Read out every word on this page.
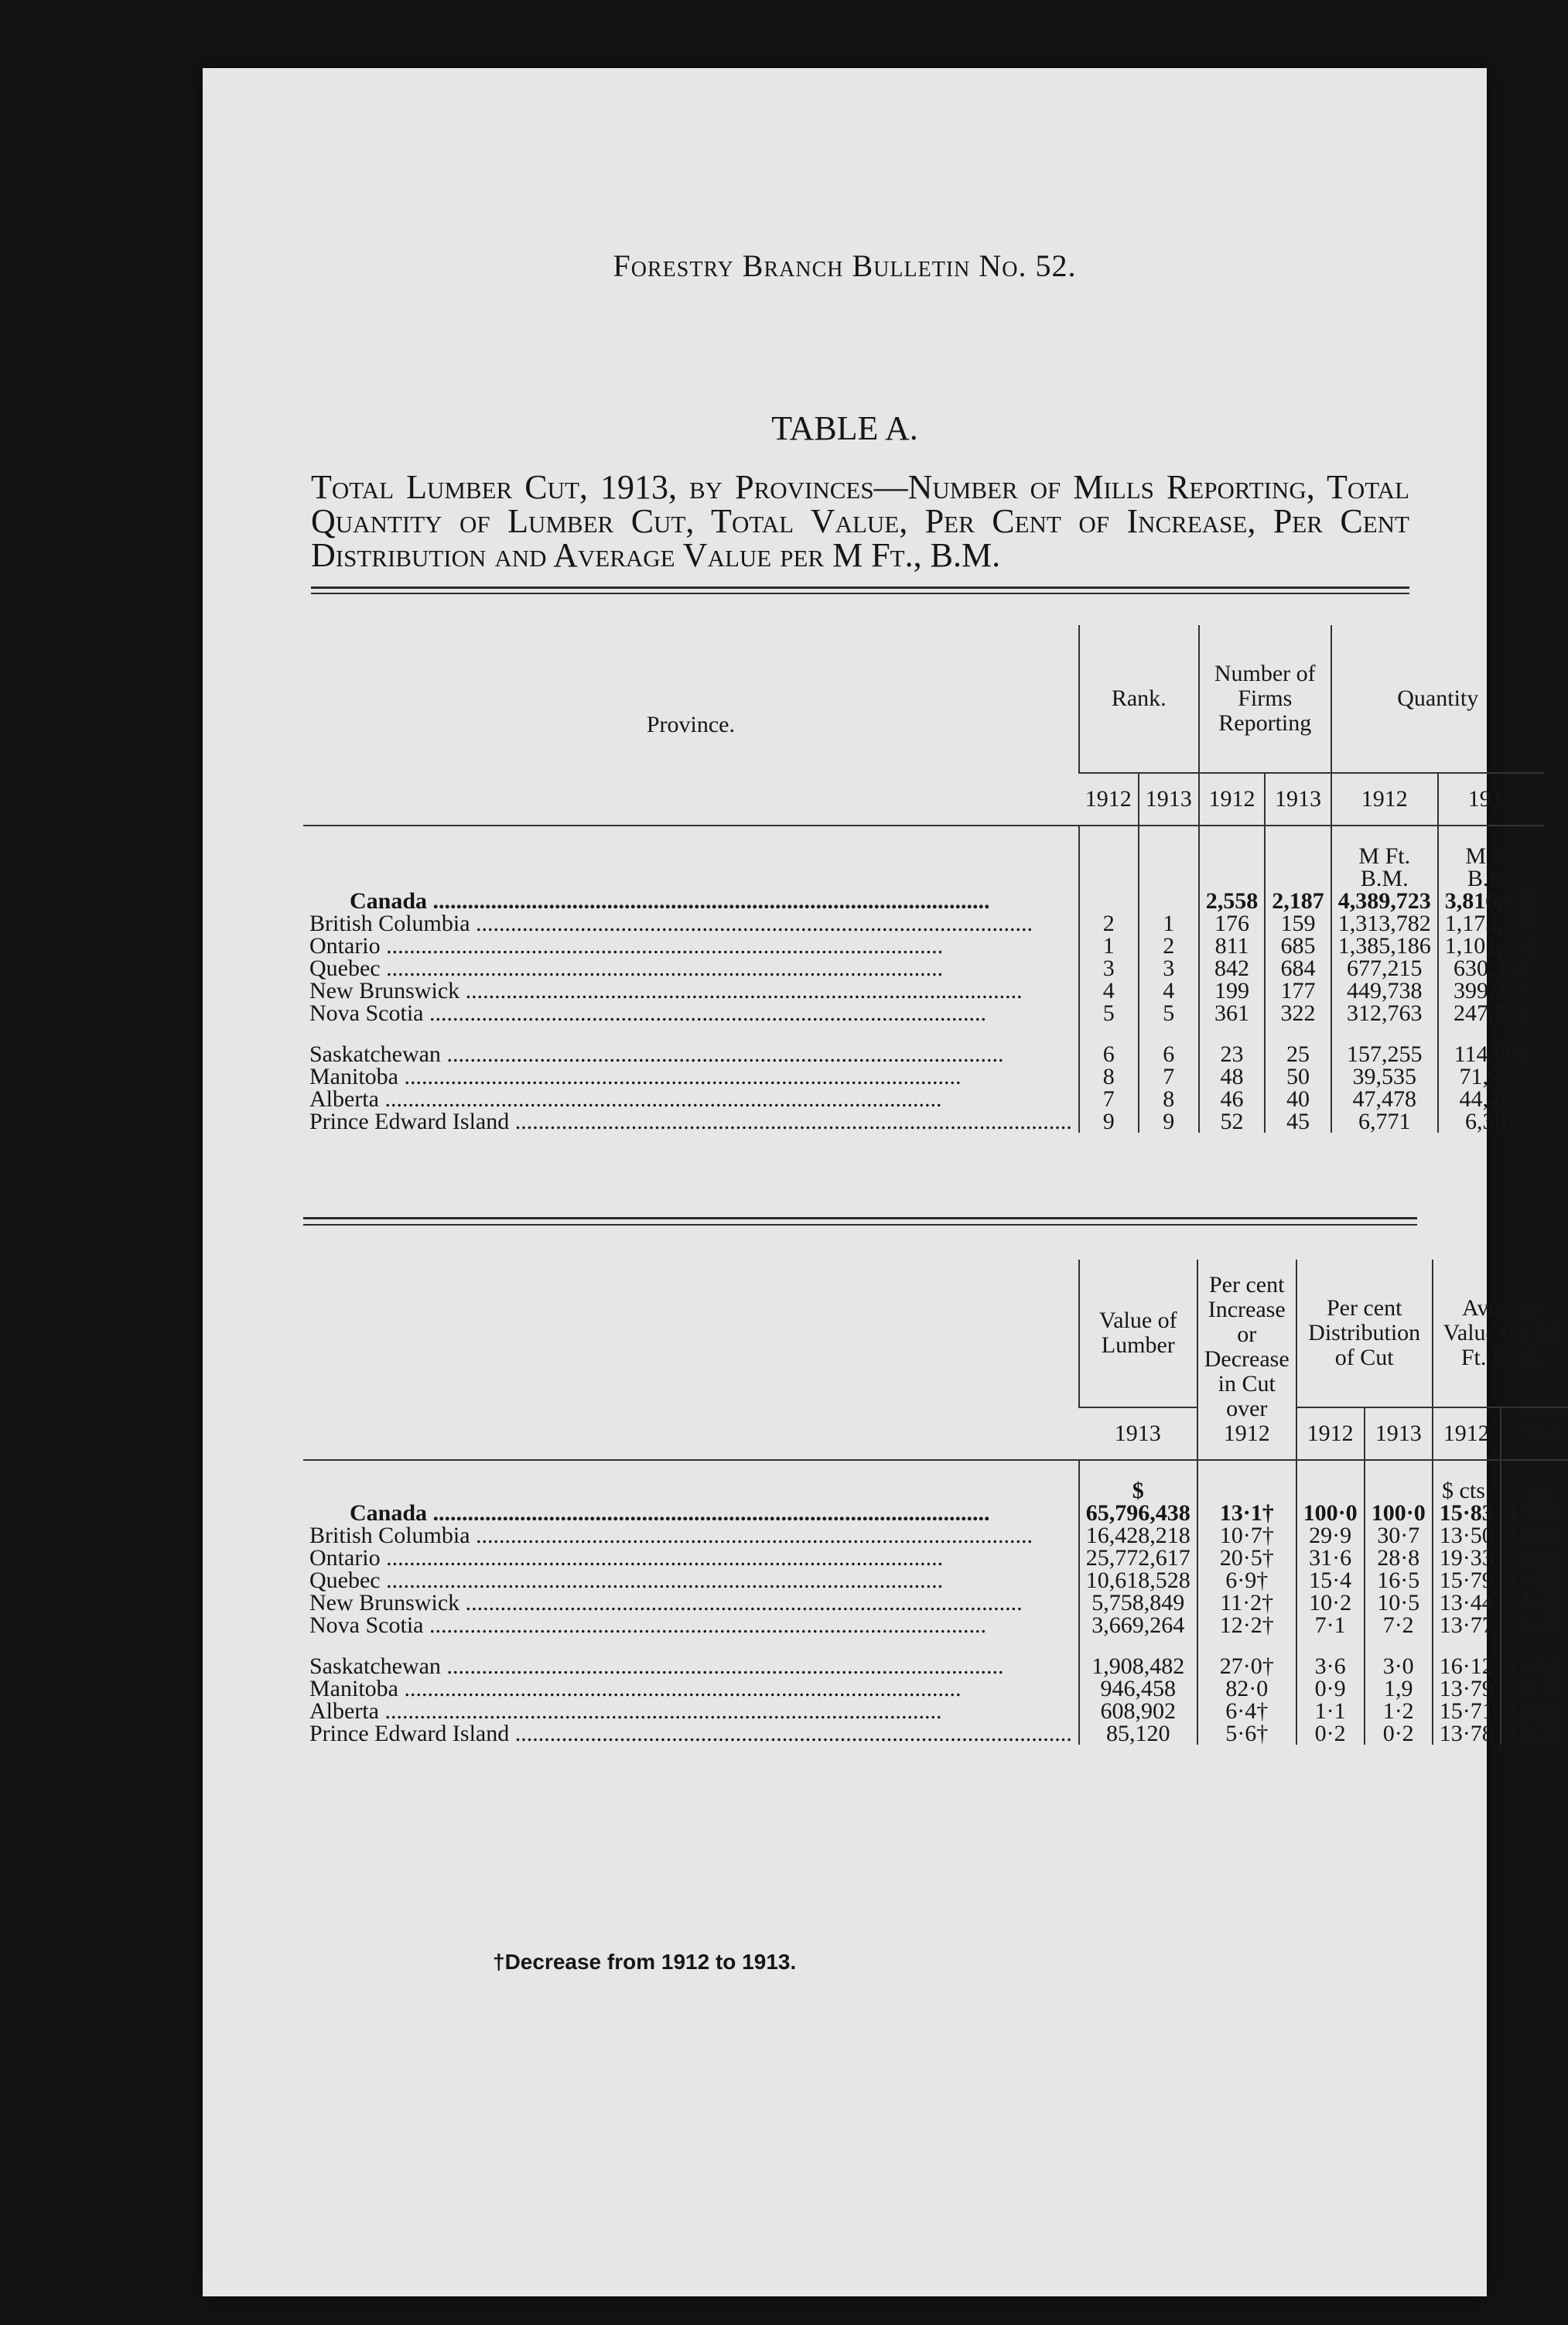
Forestry Branch Bulletin No. 52.
TABLE A.
Total Lumber Cut, 1913, by Provinces—Number of Mills Reporting, Total Quantity of Lumber Cut, Total Value, Per Cent of Increase, Per Cent Distribution and Average Value per M Ft., B.M.
Province.	Rank.		Number of Firms Reporting		Quantity	
	1912	1913	1912	1913	1912	1913

					M Ft. B.M.	M Ft. B.M.
Canada .....			2,558	2,187	4,389,723	3,816,642
British Columbia .....	2	1	176	159	1,313,782	1,173,647
Ontario .....	1	2	811	685	1,385,186	1,101,066
Quebec .....	3	3	842	684	677,215	630,346
New Brunswick .....	4	4	199	177	449,738	399,247
Nova Scotia .....	5	5	361	322	312,763	247,722

Saskatchewan .....	6	6	23	25	157,255	114,800
Manitoba .....	8	7	48	50	39,535	71,961
Alberta .....	7	8	46	40	47,478	44,462
Prince Edward Island .....	9	9	52	45	6,771	6,391
	Value of Lumber	Per cent Increase or Decrease in Cut over 1912	Per cent Distribution of Cut		Average Value per M Ft. B.M.	
	1913		1912	1913	1912	1913

	$				$ cts.	$ cts.
Canada .....	65,796,438	13·1†	100·0	100·0	15·83	17·24
British Columbia .....	16,428,218	10·7†	29·9	30·7	13·50	14·00
Ontario .....	25,772,617	20·5†	31·6	28·8	19·33	23·41
Quebec .....	10,618,528	6·9†	15·4	16·5	15·79	16·85
New Brunswick .....	5,758,849	11·2†	10·2	10·5	13·44	14·42
Nova Scotia .....	3,669,264	12·2†	7·1	7·2	13·77	13·36

Saskatchewan .....	1,908,482	27·0†	3·6	3·0	16·12	16·62
Manitoba .....	946,458	82·0	0·9	1,9	13·79	13·15
Alberta .....	608,902	6·4†	1·1	1·2	15·71	13·69
Prince Edward Island .....	85,120	5·6†	0·2	0·2	13·78	13·32
†Decrease from 1912 to 1913.
